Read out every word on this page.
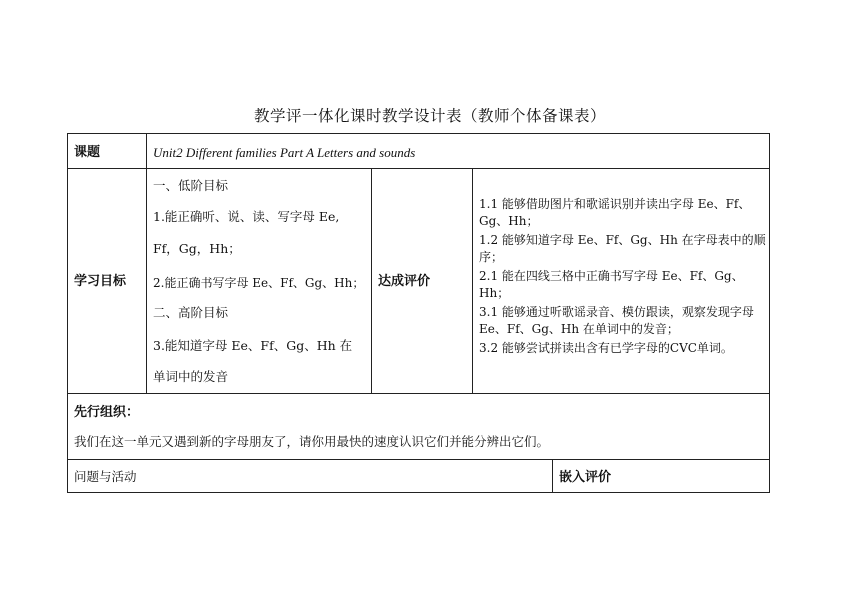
教学评一体化课时教学设计表（教师个体备课表）
课题	Unit2 Different families Part A Letters and sounds
学习目标

一、低阶目标

1.能正确听、说、读、写字母 Ee,

Ff，Gg，Hh；

2.能正确书写字母 Ee、Ff、Gg、Hh；

二、高阶目标

3.能知道字母 Ee、Ff、Gg、Hh 在

单词中的发音

达成评价

1.1 能够借助图片和歌谣识别并读出字母 Ee、Ff、Gg、Hh；

1.2 能够知道字母 Ee、Ff、Gg、Hh 在字母表中的顺序；

2.1 能在四线三格中正确书写字母 Ee、Ff、Gg、Hh；

3.1 能够通过听歌谣录音、模仿跟读，观察发现字母 Ee、Ff、Gg、Hh 在单词中的发音；

3.2 能够尝试拼读出含有已学字母的CVC单词。

先行组织：
我们在这一单元又遇到新的字母朋友了，请你用最快的速度认识它们并能分辨出它们。
问题与活动	嵌入评价
